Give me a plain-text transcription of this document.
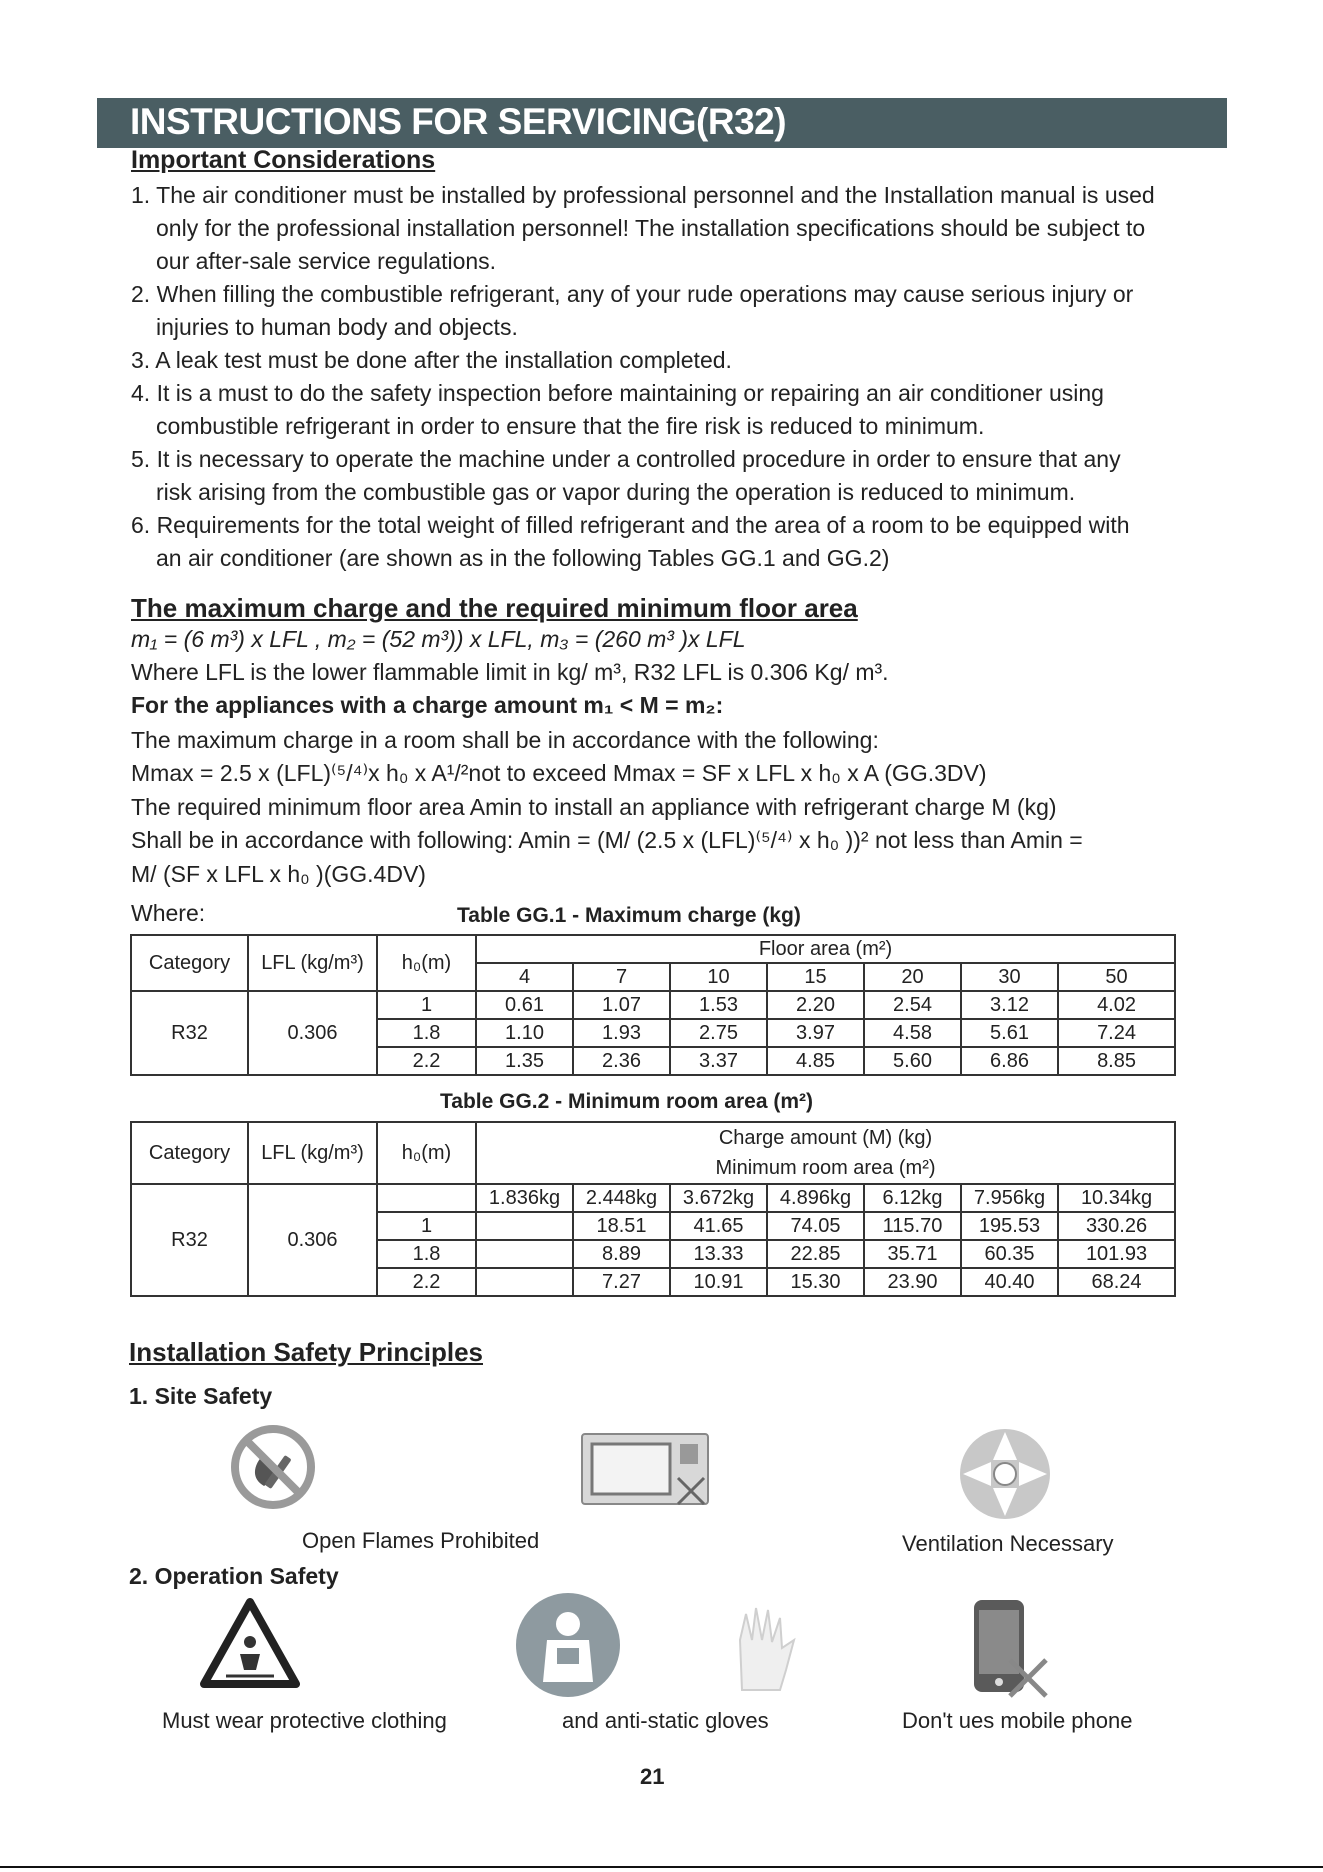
INSTRUCTIONS FOR SERVICING(R32)
Important Considerations
1. The air conditioner must be installed by professional personnel and the Installation manual is used
only for the professional installation personnel! The installation specifications should be subject to
our after-sale service regulations.
2. When filling the combustible refrigerant, any of your rude operations may cause serious injury or
injuries to human body and objects.
3. A leak test must be done after the installation completed.
4. It is a must to do the safety inspection before maintaining or repairing an air conditioner using
combustible refrigerant in order to ensure that the fire risk is reduced to minimum.
5. It is necessary to operate the machine under a controlled procedure in order to ensure that any
risk arising from the combustible gas or vapor during the operation is reduced to minimum.
6. Requirements for the total weight of filled refrigerant and the area of a room to be equipped with
an air conditioner (are shown as in the following Tables GG.1 and GG.2)
The maximum charge and the required minimum floor area
m₁ = (6 m³) x LFL , m₂ = (52 m³)) x LFL, m₃ = (260 m³ )x LFL
Where LFL is the lower flammable limit in kg/ m³, R32 LFL is 0.306 Kg/ m³.
For the appliances with a charge amount m₁ < M = m₂:
The maximum charge in a room shall be in accordance with the following:
Mmax = 2.5 x (LFL)⁽⁵/⁴⁾x h₀ x A¹/²not to exceed Mmax = SF x LFL x h₀ x A (GG.3DV)
The required minimum floor area Amin to install an appliance with refrigerant charge M (kg)
Shall be in accordance with following: Amin = (M/ (2.5 x (LFL)⁽⁵/⁴⁾ x h₀ ))² not less than Amin =
M/ (SF x LFL x h₀ )(GG.4DV)
Where:	Table GG.1 - Maximum charge (kg)
Category	LFL (kg/m³)	h₀(m)	Floor area (m²)						
			4	7	10	15	20	30	50
R32	0.306	1	0.61	1.07	1.53	2.20	2.54	3.12	4.02
		1.8	1.10	1.93	2.75	3.97	4.58	5.61	7.24
		2.2	1.35	2.36	3.37	4.85	5.60	6.86	8.85
Table GG.2 - Minimum room area (m²)
Category	LFL (kg/m³)	h₀(m)	Charge amount (M) (kg)						
			Minimum room area (m²)						
R32	0.306		1.836kg	2.448kg	3.672kg	4.896kg	6.12kg	7.956kg	10.34kg
		1		18.51	41.65	74.05	115.70	195.53	330.26
		1.8		8.89	13.33	22.85	35.71	60.35	101.93
		2.2		7.27	10.91	15.30	23.90	40.40	68.24
Installation Safety Principles
1. Site Safety
Open Flames Prohibited	Ventilation Necessary
2. Operation Safety
Must wear protective clothing	and anti-static gloves	Don't ues mobile phone
21
